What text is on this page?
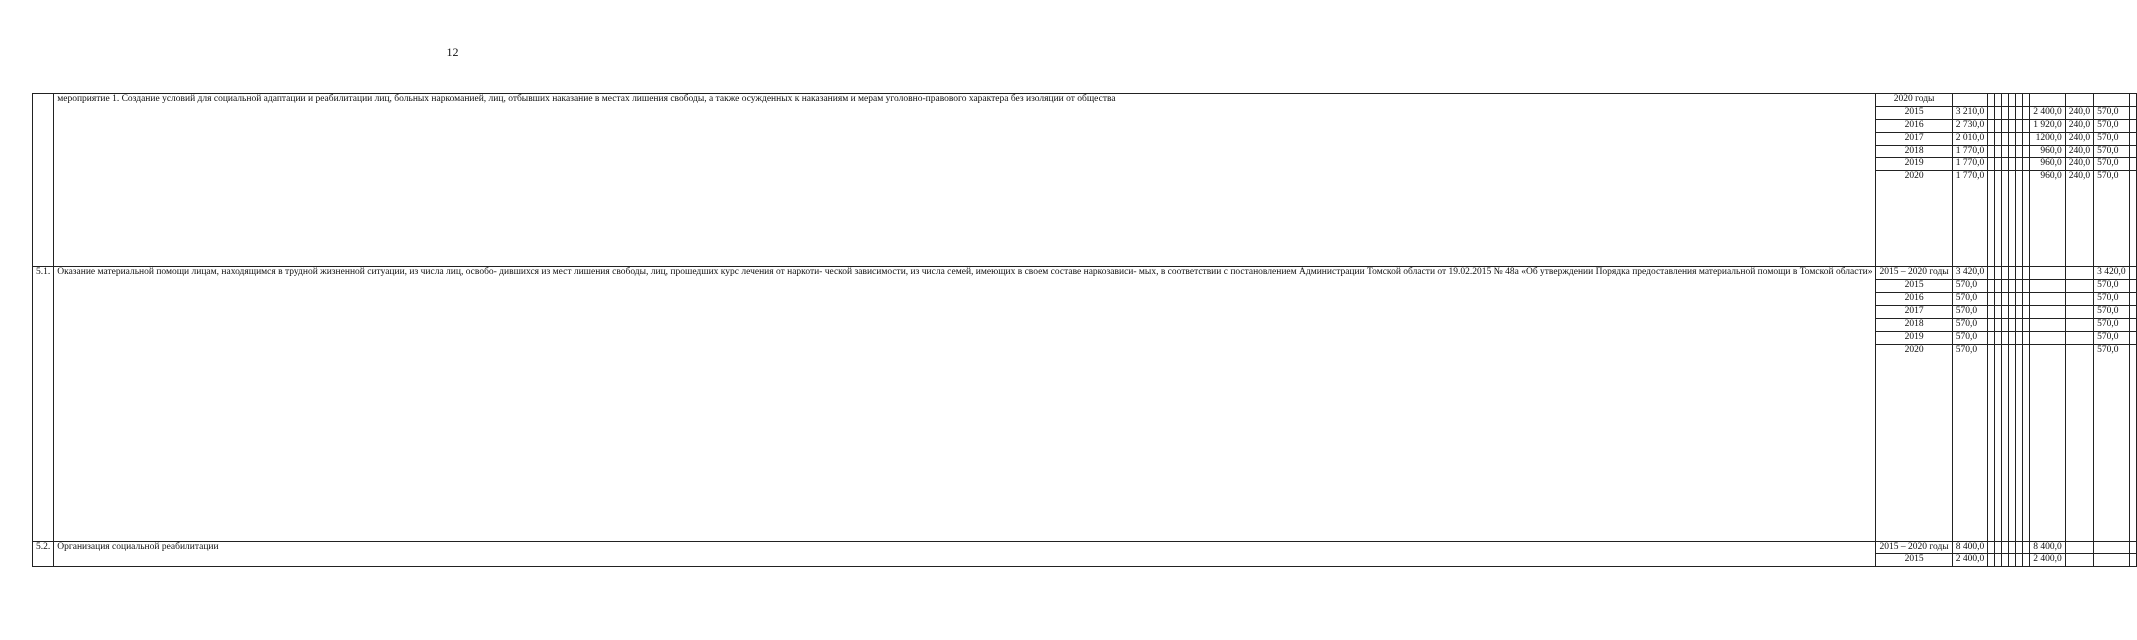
12
	мероприятие 1. Создание условий для социальной адаптации и реабилитации лиц, больных наркоманией, лиц, отбывших наказание в местах лишения свободы, а также осужденных к наказаниям и мерам уголовно-правового характера без изоляции от общества	2020 годы											
		2015	3 210,0							2 400,0	240,0	570,0	
		2016	2 730,0							1 920,0	240,0	570,0	
		2017	2 010,0							1200,0	240,0	570,0	
		2018	1 770,0							960,0	240,0	570,0	
		2019	1 770,0							960,0	240,0	570,0	
		2020	1 770,0							960,0	240,0	570,0	
5.1.	Оказание материальной помощи лицам, находящимся в трудной жизненной ситуации, из числа лиц, освобо- дившихся из мест лишения свободы, лиц, прошедших курс лечения от наркоти- ческой зависимости, из числа семей, имеющих в своем составе наркозависи- мых, в соответствии с постановлением Администрации Томской области от 19.02.2015 № 48а «Об утверждении Порядка предоставления материальной помощи в Томской области»	2015 – 2020 годы	3 420,0									3 420,0	
		2015	570,0									570,0	
		2016	570,0									570,0	
		2017	570,0									570,0	
		2018	570,0									570,0	
		2019	570,0									570,0	
		2020	570,0									570,0	
5.2.	Организация социальной реабилитации	2015 – 2020 годы	8 400,0							8 400,0			
		2015	2 400,0							2 400,0			
